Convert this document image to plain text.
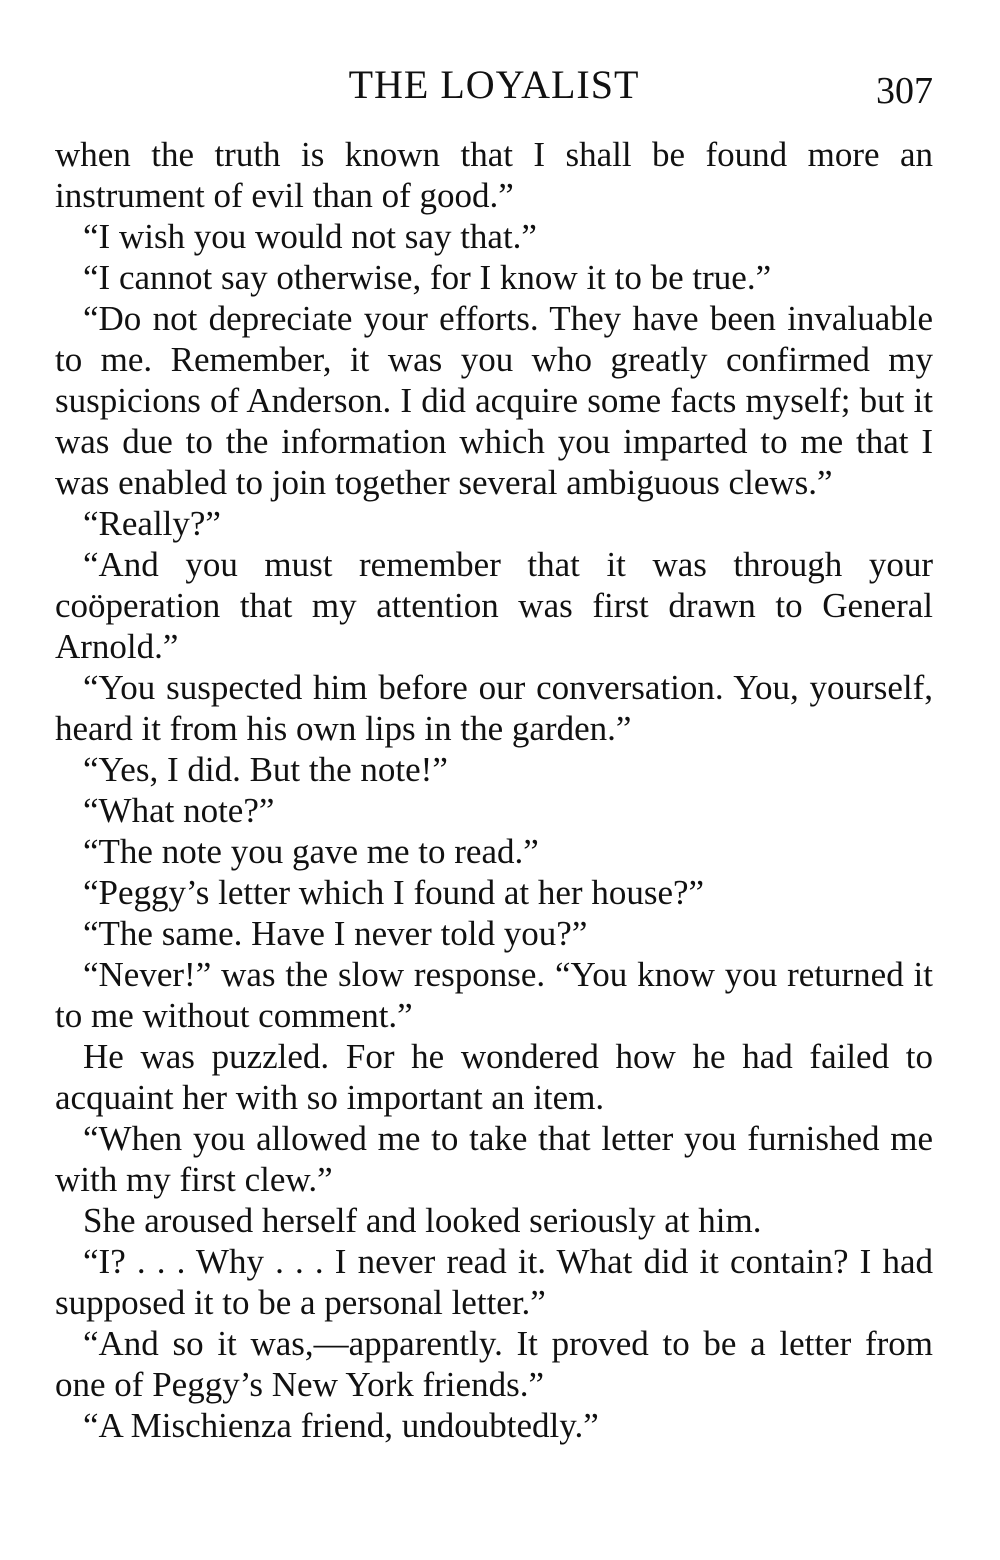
THE LOYALIST	307

when the truth is known that I shall be found more an instrument of evil than of good.”

“I wish you would not say that.”

“I cannot say otherwise, for I know it to be true.”

“Do not depreciate your efforts. They have been invaluable to me. Remember, it was you who greatly confirmed my suspicions of Anderson. I did acquire some facts myself; but it was due to the information which you imparted to me that I was enabled to join together several ambiguous clews.”

“Really?”

“And you must remember that it was through your coöperation that my attention was first drawn to General Arnold.”

“You suspected him before our conversation. You, yourself, heard it from his own lips in the garden.”

“Yes, I did. But the note!”

“What note?”

“The note you gave me to read.”

“Peggy’s letter which I found at her house?”

“The same. Have I never told you?”

“Never!” was the slow response. “You know you returned it to me without comment.”

He was puzzled. For he wondered how he had failed to acquaint her with so important an item.

“When you allowed me to take that letter you furnished me with my first clew.”

She aroused herself and looked seriously at him.

“I? . . . Why . . . I never read it. What did it contain? I had supposed it to be a personal letter.”

“And so it was,—apparently. It proved to be a letter from one of Peggy’s New York friends.”

“A Mischienza friend, undoubtedly.”
